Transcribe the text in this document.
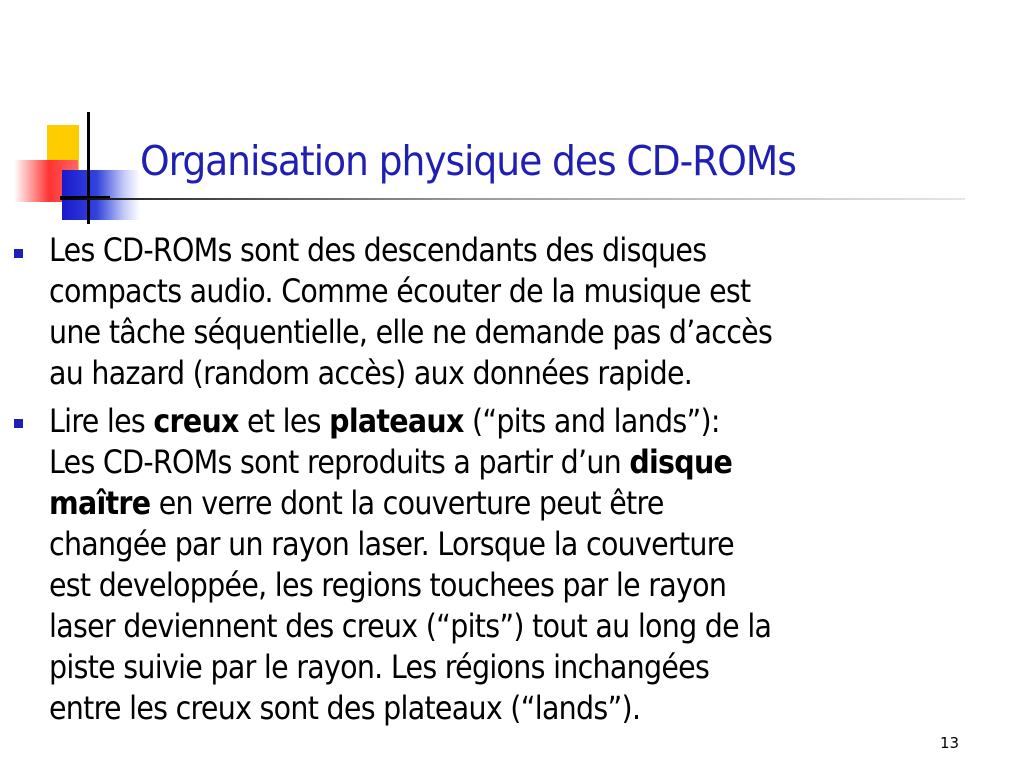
Organisation physique des CD-ROMs

Les CD-ROMs sont des descendants des disques
compacts audio. Comme écouter de la musique est
une tâche séquentielle, elle ne demande pas d’accès
au hazard (random accès) aux données rapide.

Lire les creux et les plateaux (“pits and lands”):
Les CD-ROMs sont reproduits a partir d’un disque
maître en verre dont la couverture peut être
changée par un rayon laser. Lorsque la couverture
est developpée, les regions touchees par le rayon
laser deviennent des creux (“pits”) tout au long de la
piste suivie par le rayon. Les régions inchangées
entre les creux sont des plateaux (“lands”).

13
